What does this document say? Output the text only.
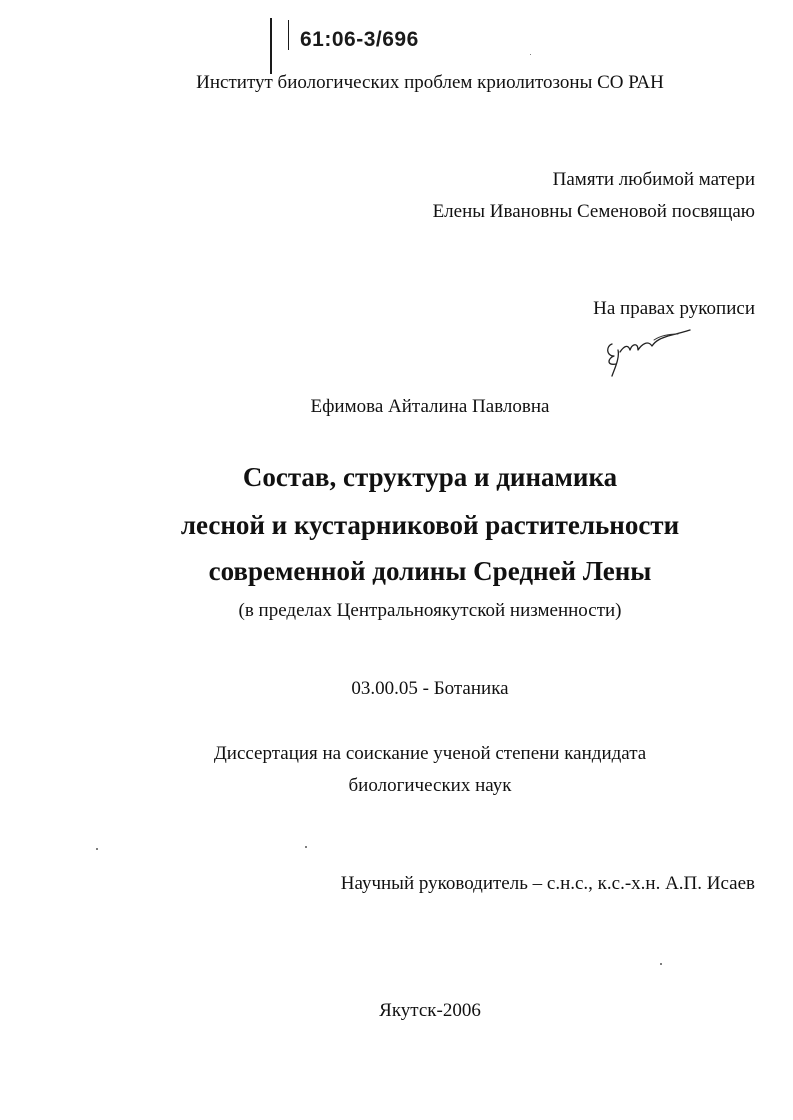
61:06-3/696
Институт биологических проблем криолитозоны СО РАН
Памяти любимой матери
Елены Ивановны Семеновой посвящаю
На правах рукописи
Ефимова Айталина Павловна
Состав, структура и динамика
лесной и кустарниковой растительности
современной долины Средней Лены
(в пределах Центральноякутской низменности)
03.00.05 - Ботаника
Диссертация на соискание ученой степени кандидата
биологических наук
Научный руководитель – с.н.с., к.с.-х.н. А.П. Исаев
Якутск-2006
